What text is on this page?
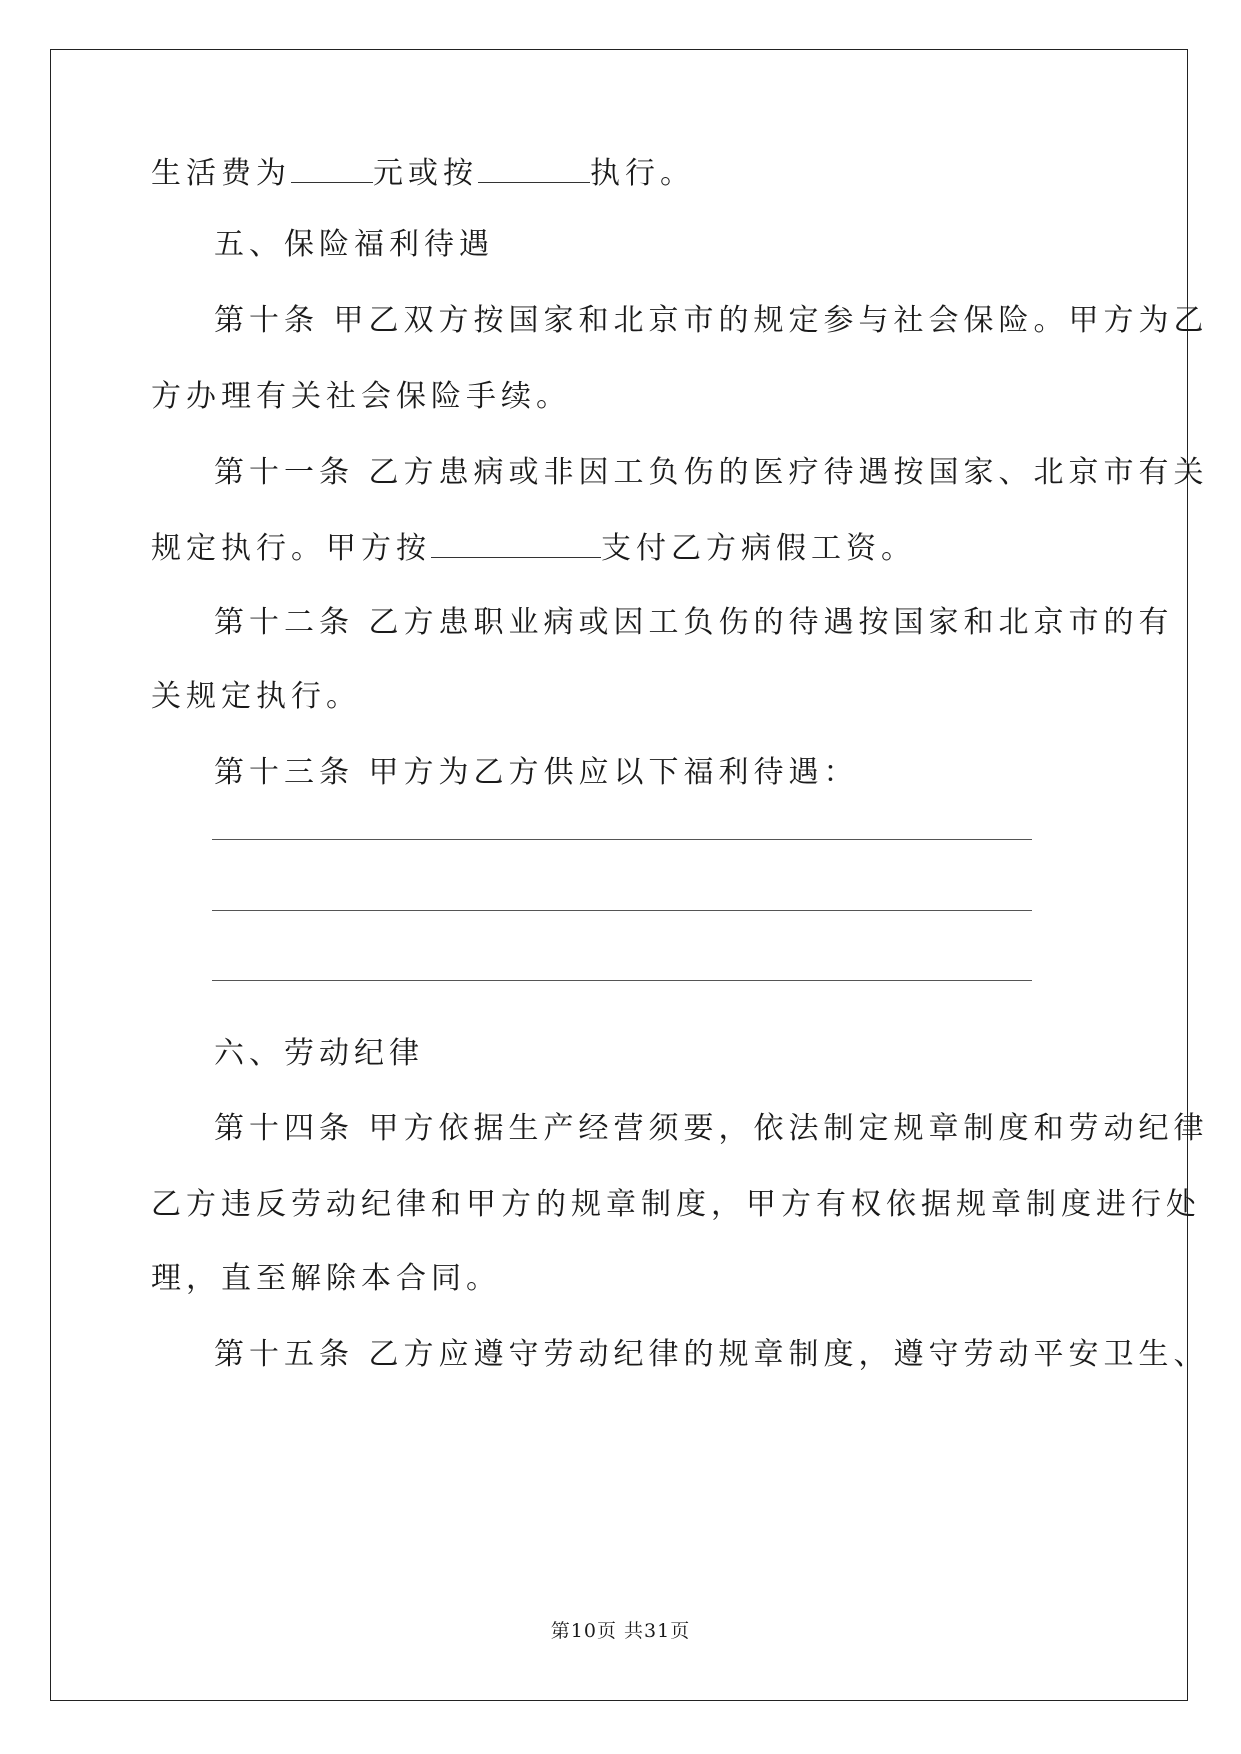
生活费为	元或按	执行。
五、保险福利待遇
第十条 甲乙双方按国家和北京市的规定参与社会保险。甲方为乙
方办理有关社会保险手续。
第十一条 乙方患病或非因工负伤的医疗待遇按国家、北京市有关
规定执行。甲方按	支付乙方病假工资。
第十二条 乙方患职业病或因工负伤的待遇按国家和北京市的有
关规定执行。
第十三条 甲方为乙方供应以下福利待遇：
六、劳动纪律
第十四条 甲方依据生产经营须要，依法制定规章制度和劳动纪律
乙方违反劳动纪律和甲方的规章制度，甲方有权依据规章制度进行处
理，直至解除本合同。
第十五条 乙方应遵守劳动纪律的规章制度，遵守劳动平安卫生、
第10页 共31页
